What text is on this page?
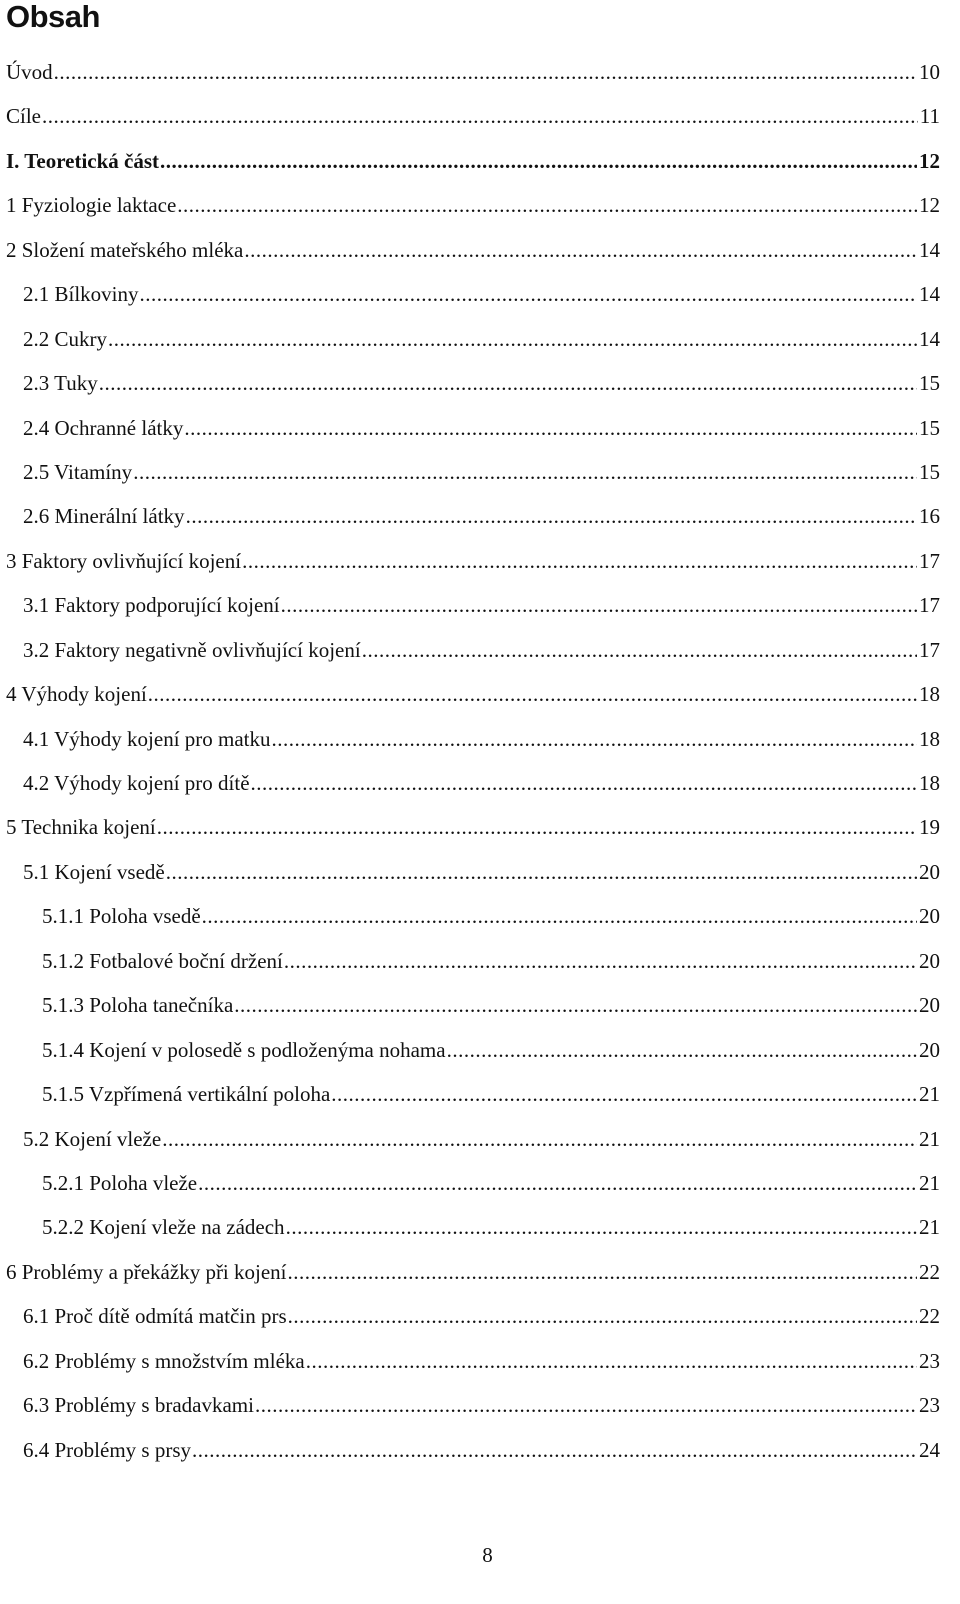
Obsah
Úvod .....	10
Cíle .....	11
I. Teoretická část .....	12
1 Fyziologie laktace .....	12
2 Složení mateřského mléka .....	14
2.1 Bílkoviny .....	14
2.2 Cukry .....	14
2.3 Tuky .....	15
2.4 Ochranné látky .....	15
2.5 Vitamíny .....	15
2.6 Minerální látky .....	16
3 Faktory ovlivňující kojení .....	17
3.1 Faktory podporující kojení .....	17
3.2 Faktory negativně ovlivňující kojení .....	17
4 Výhody kojení .....	18
4.1 Výhody kojení pro matku .....	18
4.2 Výhody kojení pro dítě .....	18
5 Technika kojení .....	19
5.1 Kojení vsedě .....	20
5.1.1 Poloha vsedě .....	20
5.1.2 Fotbalové boční držení .....	20
5.1.3 Poloha tanečníka .....	20
5.1.4 Kojení v polosedě s podloženýma nohama .....	20
5.1.5 Vzpřímená vertikální poloha .....	21
5.2 Kojení vleže .....	21
5.2.1 Poloha vleže .....	21
5.2.2 Kojení vleže na zádech .....	21
6 Problémy a překážky při kojení .....	22
6.1 Proč dítě odmítá matčin prs .....	22
6.2 Problémy s množstvím mléka .....	23
6.3 Problémy s bradavkami .....	23
6.4 Problémy s prsy .....	24
8
